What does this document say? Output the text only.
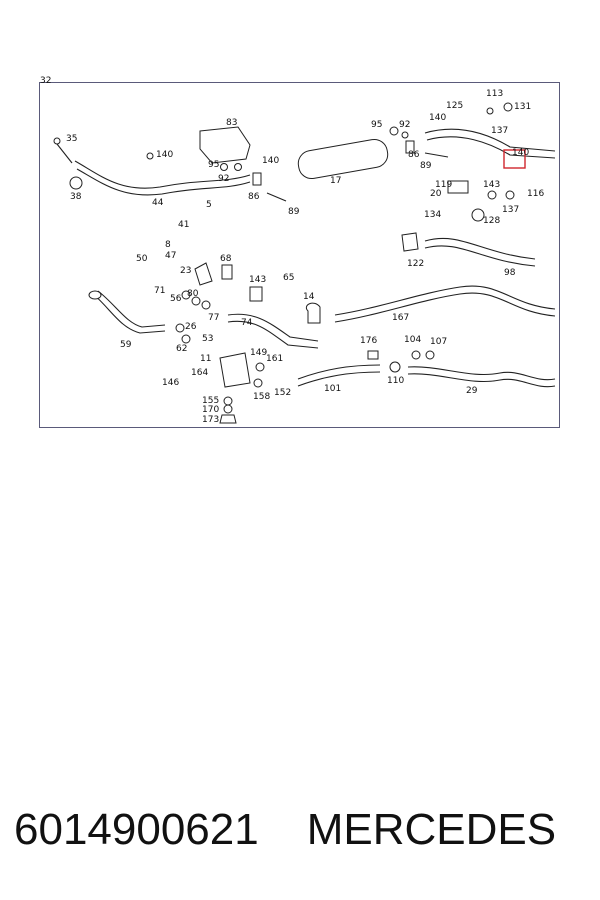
35
38
140
95
92
140
86
89
83
44	5
41
8
47
50
17
95 92
86
89
140
125
113
131
137
140
20
119	143
116
137
134
128
122
98
23
68
143 65
71
56 80
77 74
14
167
26
53
62
59
11
149
161
164
146
158 152
155
170
173
176	104 107
110
101	29
32
6014900621 MERCEDES
